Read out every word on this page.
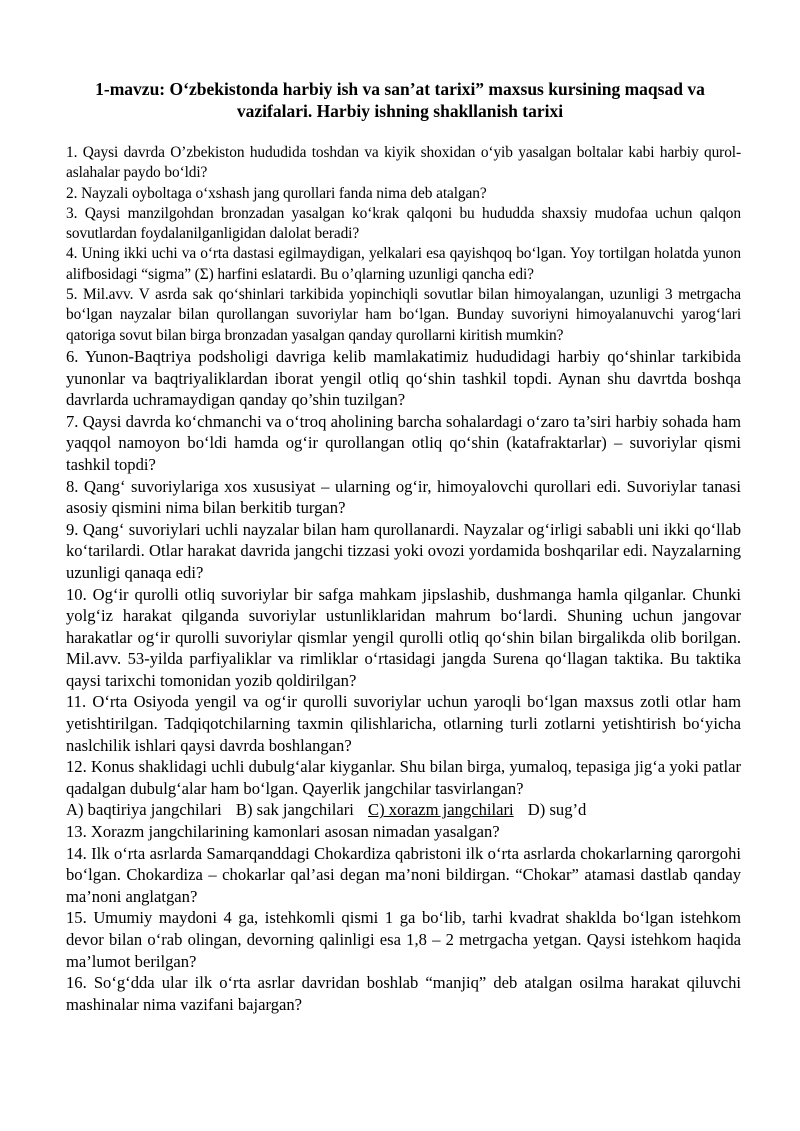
1-mavzu: O‘zbekistonda harbiy ish va san’at tarixi” maxsus kursining maqsad va vazifalari. Harbiy ishning shakllanish tarixi

1. Qaysi davrda O’zbekiston hududida toshdan va kiyik shoxidan o‘yib yasalgan boltalar kabi harbiy qurol-aslahalar paydo bo‘ldi?

2. Nayzali oyboltaga o‘xshash jang qurollari fanda nima deb atalgan?

3. Qaysi manzilgohdan bronzadan yasalgan ko‘krak qalqoni bu hududda shaxsiy mudofaa uchun qalqon sovutlardan foydalanilganligidan dalolat beradi?

4. Uning ikki uchi va o‘rta dastasi egilmaydigan, yelkalari esa qayishqoq bo‘lgan. Yoy tortilgan holatda yunon alifbosidagi “sigma” (Σ) harfini eslatardi. Bu o’qlarning uzunligi qancha edi?

5. Mil.avv. V asrda sak qo‘shinlari tarkibida yopinchiqli sovutlar bilan himoyalangan, uzunligi 3 metrgacha bo‘lgan nayzalar bilan qurollangan suvoriylar ham bo‘lgan. Bunday suvoriyni himoyalanuvchi yarog‘lari qatoriga sovut bilan birga bronzadan yasalgan qanday qurollarni kiritish mumkin?

6. Yunon-Baqtriya podsholigi davriga kelib mamlakatimiz hududidagi harbiy qo‘shinlar tarkibida yunonlar va baqtriyaliklardan iborat yengil otliq qo‘shin tashkil topdi. Aynan shu davrtda boshqa davrlarda uchramaydigan qanday qo’shin tuzilgan?

7. Qaysi davrda ko‘chmanchi va o‘troq aholining barcha sohalardagi o‘zaro ta’siri harbiy sohada ham yaqqol namoyon bo‘ldi hamda og‘ir qurollangan otliq qo‘shin (katafraktarlar) – suvoriylar qismi tashkil topdi?

8. Qang‘ suvoriylariga xos xususiyat – ularning og‘ir, himoyalovchi qurollari edi. Suvoriylar tanasi asosiy qismini nima bilan berkitib turgan?

9. Qang‘ suvoriylari uchli nayzalar bilan ham qurollanardi. Nayzalar og‘irligi sababli uni ikki qo‘llab ko‘tarilardi. Otlar harakat davrida jangchi tizzasi yoki ovozi yordamida boshqarilar edi. Nayzalarning uzunligi qanaqa edi?

10. Og‘ir qurolli otliq suvoriylar bir safga mahkam jipslashib, dushmanga hamla qilganlar. Chunki yolg‘iz harakat qilganda suvoriylar ustunliklaridan mahrum bo‘lardi. Shuning uchun jangovar harakatlar og‘ir qurolli suvoriylar qismlar yengil qurolli otliq qo‘shin bilan birgalikda olib borilgan. Mil.avv. 53-yilda parfiyaliklar va rimliklar o‘rtasidagi jangda Surena qo‘llagan taktika. Bu taktika qaysi tarixchi tomonidan yozib qoldirilgan?

11. O‘rta Osiyoda yengil va og‘ir qurolli suvoriylar uchun yaroqli bo‘lgan maxsus zotli otlar ham yetishtirilgan. Tadqiqotchilarning taxmin qilishlaricha, otlarning turli zotlarni yetishtirish bo‘yicha naslchilik ishlari qaysi davrda boshlangan?

12. Konus shaklidagi uchli dubulg‘alar kiyganlar. Shu bilan birga, yumaloq, tepasiga jig‘a yoki patlar qadalgan dubulg‘alar ham bo‘lgan. Qayerlik jangchilar tasvirlangan?

A) baqtiriya jangchilari B) sak jangchilari C) xorazm jangchilari D) sug’d

13. Xorazm jangchilarining kamonlari asosan nimadan yasalgan?

14. Ilk o‘rta asrlarda Samarqanddagi Chokardiza qabristoni ilk o‘rta asrlarda chokarlarning qarorgohi bo‘lgan. Chokardiza – chokarlar qal’asi degan ma’noni bildirgan. “Chokar” atamasi dastlab qanday ma’noni anglatgan?

15. Umumiy maydoni 4 ga, istehkomli qismi 1 ga bo‘lib, tarhi kvadrat shaklda bo‘lgan istehkom devor bilan o‘rab olingan, devorning qalinligi esa 1,8 – 2 metrgacha yetgan. Qaysi istehkom haqida ma’lumot berilgan?

16. So‘g‘dda ular ilk o‘rta asrlar davridan boshlab “manjiq” deb atalgan osilma harakat qiluvchi mashinalar nima vazifani bajargan?
